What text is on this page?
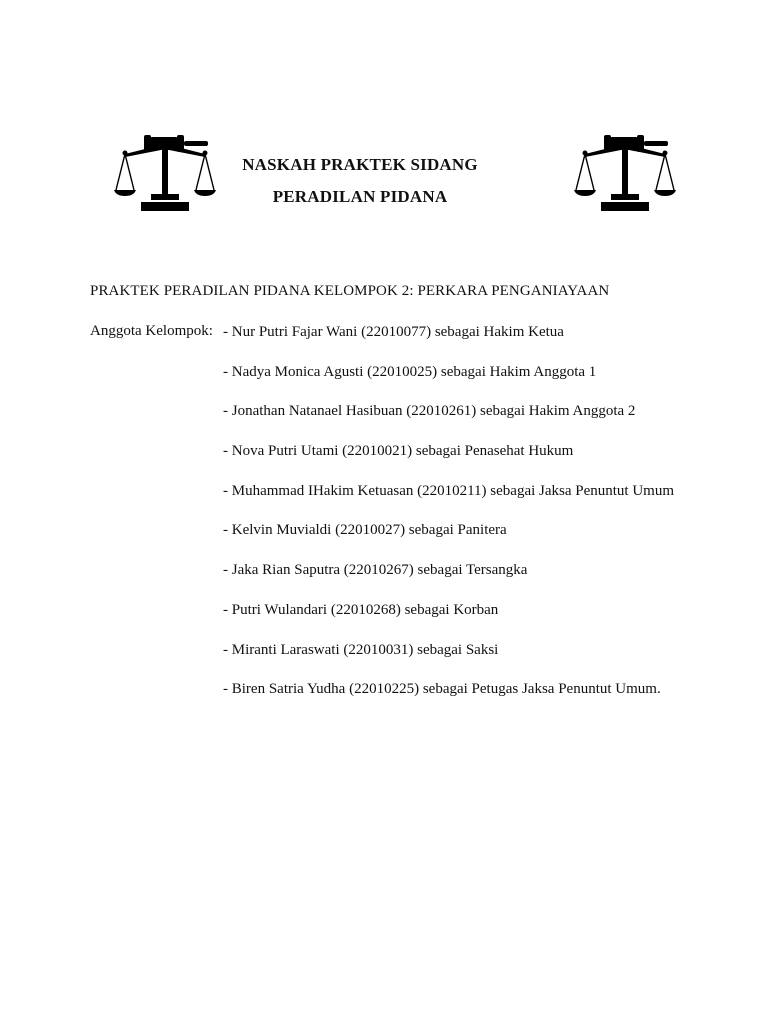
NASKAH PRAKTEK SIDANG
PERADILAN PIDANA
PRAKTEK PERADILAN PIDANA KELOMPOK 2: PERKARA PENGANIAYAAN
Anggota Kelompok: - Nur Putri Fajar Wani (22010077) sebagai Hakim Ketua
- Nadya Monica Agusti (22010025) sebagai Hakim Anggota 1
- Jonathan Natanael Hasibuan (22010261) sebagai Hakim Anggota 2
- Nova Putri Utami (22010021) sebagai Penasehat Hukum
- Muhammad IHakim Ketuasan (22010211) sebagai Jaksa Penuntut Umum
- Kelvin Muvialdi (22010027) sebagai Panitera
- Jaka Rian Saputra (22010267) sebagai Tersangka
- Putri Wulandari (22010268) sebagai Korban
- Miranti Laraswati (22010031) sebagai Saksi
- Biren Satria Yudha (22010225) sebagai Petugas Jaksa Penuntut Umum.
